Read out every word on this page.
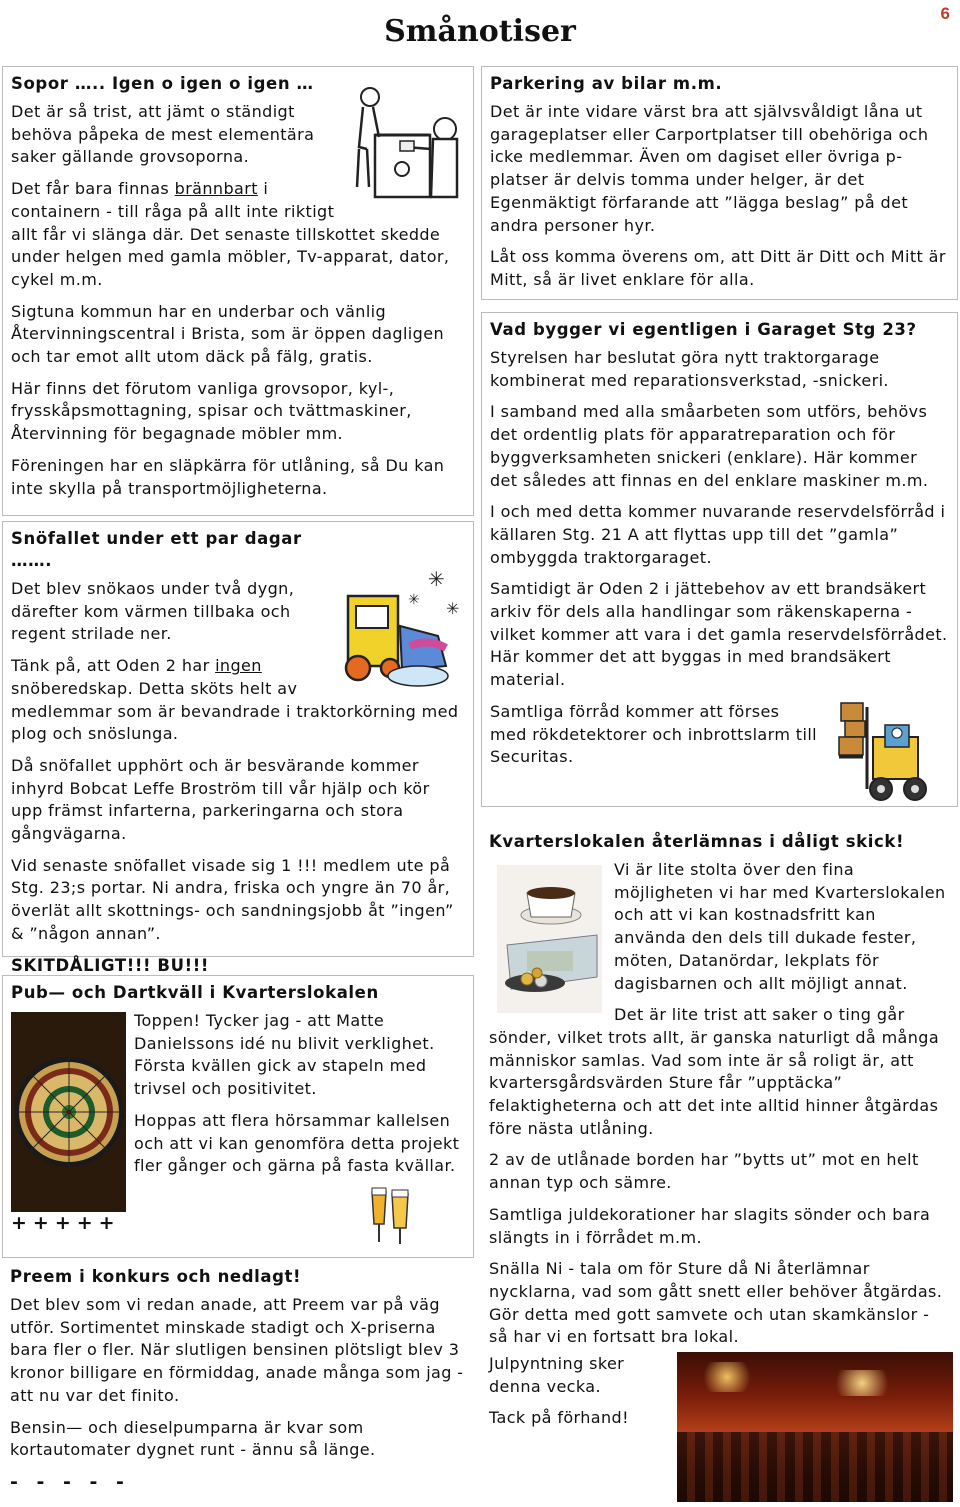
Smånotiser
6
Sopor ….. Igen o igen o igen …

Det är så trist, att jämt o ständigt behöva påpeka de mest elementära saker gällande grovsoporna.

Det får bara finnas brännbart i containern - till råga på allt inte riktigt allt får vi slänga där. Det senaste tillskottet skedde under helgen med gamla möbler, Tv-apparat, dator, cykel m.m.

Sigtuna kommun har en underbar och vänlig Återvinningscentral i Brista, som är öppen dagligen och tar emot allt utom däck på fälg, gratis.

Här finns det förutom vanliga grovsopor, kyl-, frysskåpsmottagning, spisar och tvättmaskiner, Återvinning för begagnade möbler mm.

Föreningen har en släpkärra för utlåning, så Du kan inte skylla på transportmöjligheterna.

✳
✳
✳
Snöfallet under ett par dagar …….

Det blev snökaos under två dygn, därefter kom värmen tillbaka och regent strilade ner.

Tänk på, att Oden 2 har ingen snöberedskap. Detta sköts helt av medlemmar som är bevandrade i traktorkörning med plog och snöslunga.

Då snöfallet upphört och är besvärande kommer inhyrd Bobcat Leffe Broström till vår hjälp och kör upp främst infarterna, parkeringarna och stora gångvägarna.

Vid senaste snöfallet visade sig 1 !!! medlem ute på Stg. 23;s portar. Ni andra, friska och yngre än 70 år, överlät allt skottnings- och sandningsjobb åt ”ingen” & ”någon annan”.

SKITDÅLIGT!!! BU!!!

Pub— och Dartkväll i Kvarterslokalen

Toppen! Tycker jag - att Matte Danielssons idé nu blivit verklighet. Första kvällen gick av stapeln med trivsel och positivitet.

Hoppas att flera hörsammar kallelsen och att vi kan genomföra detta projekt fler gånger och gärna på fasta kvällar.

+++++
Preem i konkurs och nedlagt!

Det blev som vi redan anade, att Preem var på väg utför. Sortimentet minskade stadigt och X-priserna bara fler o fler. När slutligen bensinen plötsligt blev 3 kronor billigare en förmiddag, anade många som jag - att nu var det finito.

Bensin— och dieselpumparna är kvar som kortautomater dygnet runt - ännu så länge.

- - - - -
Parkering av bilar m.m.

Det är inte vidare värst bra att självsvåldigt låna ut garageplatser eller Carportplatser till obehöriga och icke medlemmar. Även om dagiset eller övriga p-platser är delvis tomma under helger, är det Egenmäktigt förfarande att ”lägga beslag” på det andra personer hyr.

Låt oss komma överens om, att Ditt är Ditt och Mitt är Mitt, så är livet enklare för alla.

Vad bygger vi egentligen i Garaget Stg 23?

Styrelsen har beslutat göra nytt traktorgarage kombinerat med reparationsverkstad, -snickeri.

I samband med alla småarbeten som utförs, behövs det ordentlig plats för apparatreparation och för byggverksamheten snickeri (enklare). Här kommer det således att finnas en del enklare maskiner m.m.

I och med detta kommer nuvarande reservdelsförråd i källaren Stg. 21 A att flyttas upp till det ”gamla” ombyggda traktorgaraget.

Samtidigt är Oden 2 i jättebehov av ett brandsäkert arkiv för dels alla handlingar som räkenskaperna - vilket kommer att vara i det gamla reservdelsförrådet. Här kommer det att byggas in med brandsäkert material.

Samtliga förråd kommer att förses med rökdetektorer och inbrottslarm till Securitas.

Kvarterslokalen återlämnas i dåligt skick!

Vi är lite stolta över den fina möjligheten vi har med Kvarterslokalen och att vi kan kostnadsfritt kan använda den dels till dukade fester, möten, Datanördar, lekplats för dagisbarnen och allt möjligt annat.

Det är lite trist att saker o ting går sönder, vilket trots allt, är ganska naturligt då många människor samlas. Vad som inte är så roligt är, att kvartersgårdsvärden Sture får ”upptäcka” felaktigheterna och att det inte alltid hinner åtgärdas före nästa utlåning.

2 av de utlånade borden har ”bytts ut” mot en helt annan typ och sämre.

Samtliga juldekorationer har slagits sönder och bara slängts in i förrådet m.m.

Snälla Ni - tala om för Sture då Ni återlämnar nycklarna, vad som gått snett eller behöver åtgärdas. Gör detta med gott samvete och utan skamkänslor - så har vi en fortsatt bra lokal.

Julpyntning sker denna vecka.

Tack på förhand!
